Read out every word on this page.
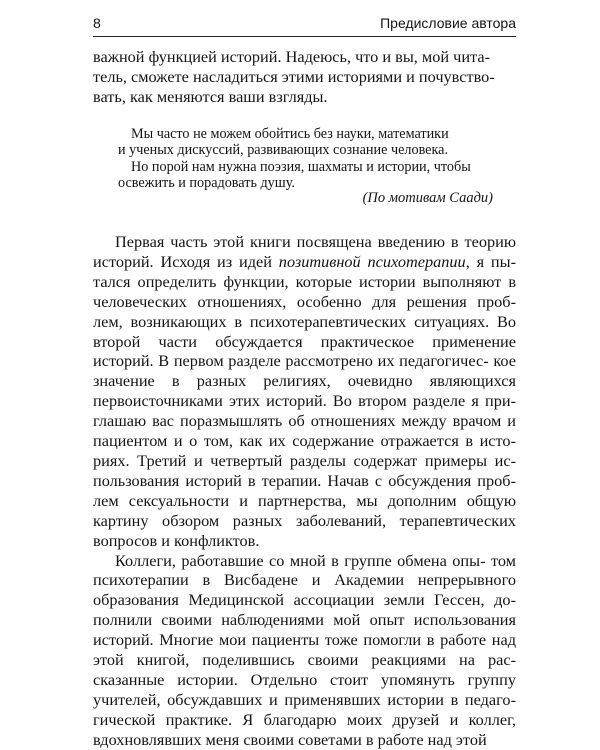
8	Предисловие автора

важной функцией историй. Надеюсь, что и вы, мой чита-
тель, сможете насладиться этими историями и почувство-
вать, как меняются ваши взгляды.

Мы часто не можем обойтись без науки, математики
и ученых дискуссий, развивающих сознание человека.
Но порой нам нужна поэзия, шахматы и истории, чтобы
освежить и порадовать душу.
(По мотивам Саади)

Первая часть этой книги посвящена введению в теорию историй. Исходя из идей позитивной психотерапии, я пы- тался определить функции, которые истории выполняют в человеческих отношениях, особенно для решения проб- лем, возникающих в психотерапевтических ситуациях. Во второй части обсуждается практическое применение историй. В первом разделе рассмотрено их педагогичес- кое значение в разных религиях, очевидно являющихся первоисточниками этих историй. Во втором разделе я при- глашаю вас поразмышлять об отношениях между врачом и пациентом и о том, как их содержание отражается в исто- риях. Третий и четвертый разделы содержат примеры ис- пользования историй в терапии. Начав с обсуждения проб- лем сексуальности и партнерства, мы дополним общую картину обзором разных заболеваний, терапевтических вопросов и конфликтов.

Коллеги, работавшие со мной в группе обмена опы- том психотерапии в Висбадене и Академии непрерывного образования Медицинской ассоциации земли Гессен, до- полнили своими наблюдениями мой опыт использования историй. Многие мои пациенты тоже помогли в работе над этой книгой, поделившись своими реакциями на рас- сказанные истории. Отдельно стоит упомянуть группу учителей, обсуждавших и применявших истории в педаго- гической практике. Я благодарю моих друзей и коллег, вдохновлявших меня своими советами в работе над этой
